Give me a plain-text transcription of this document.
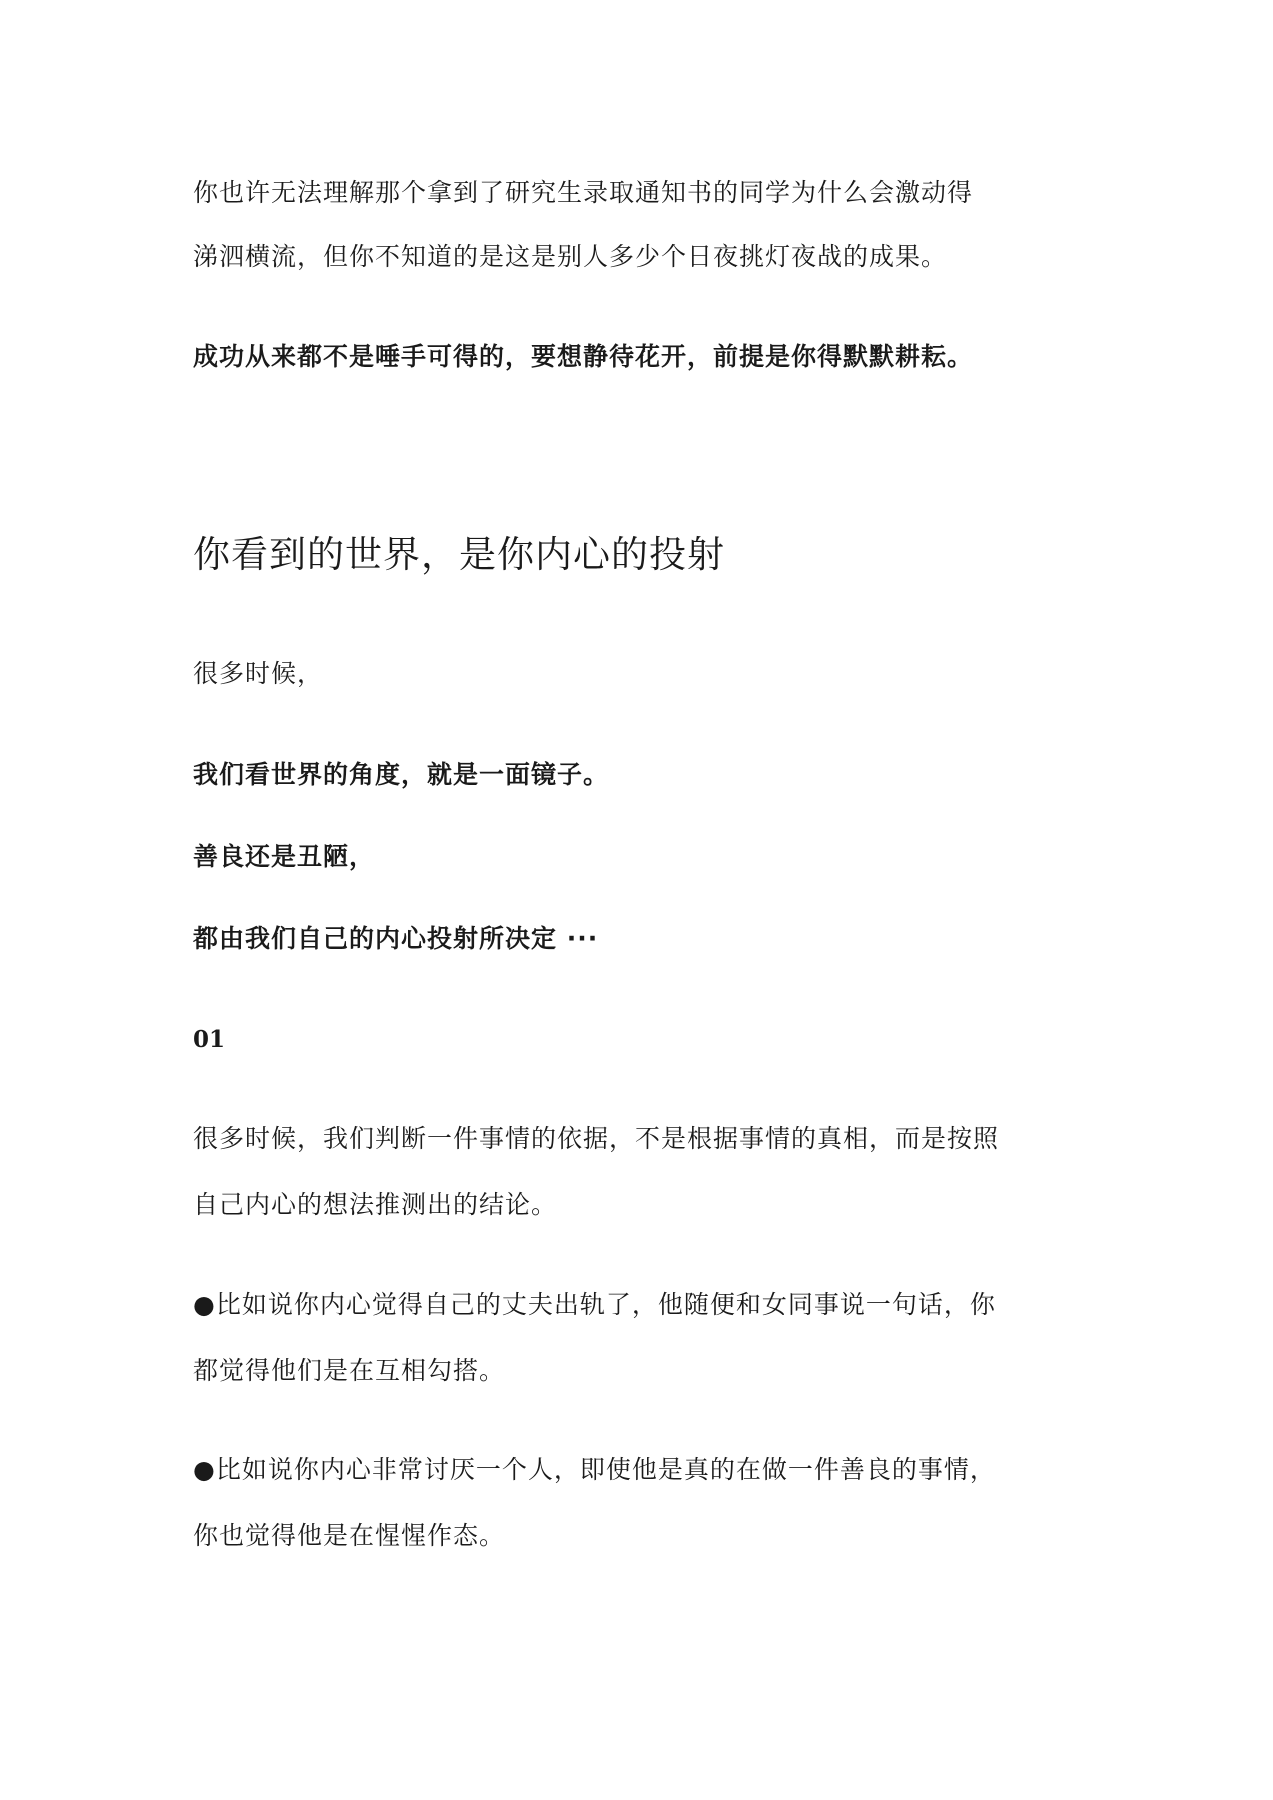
你也许无法理解那个拿到了研究生录取通知书的同学为什么会激动得
涕泗横流，但你不知道的是这是别人多少个日夜挑灯夜战的成果。
成功从来都不是唾手可得的，要想静待花开，前提是你得默默耕耘。
你看到的世界，是你内心的投射
很多时候，
我们看世界的角度，就是一面镜子。
善良还是丑陋，
都由我们自己的内心投射所决定 ···
01
很多时候，我们判断一件事情的依据，不是根据事情的真相，而是按照
自己内心的想法推测出的结论。
●比如说你内心觉得自己的丈夫出轨了，他随便和女同事说一句话，你
都觉得他们是在互相勾搭。
●比如说你内心非常讨厌一个人，即使他是真的在做一件善良的事情，
你也觉得他是在惺惺作态。
